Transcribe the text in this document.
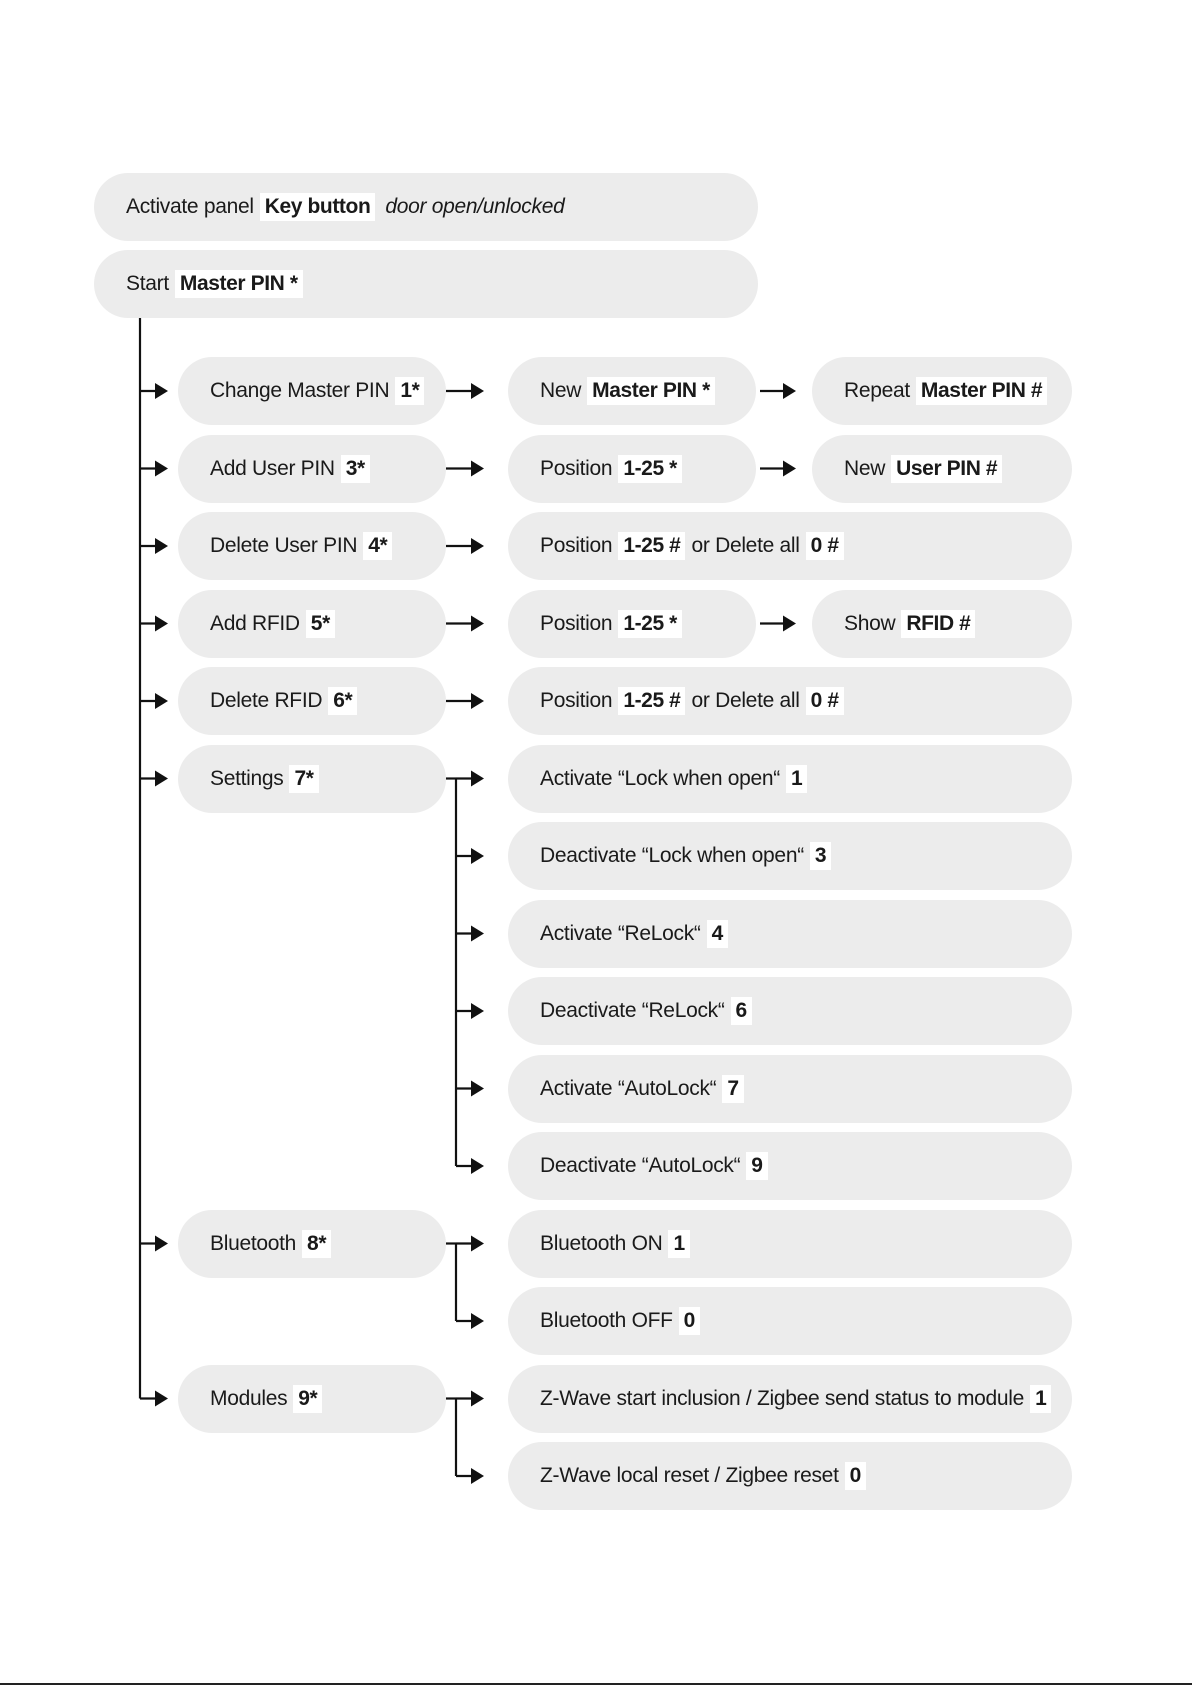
Activate panel Key button door open/unlocked
Start Master PIN *
Change Master PIN 1*	New Master PIN *	Repeat Master PIN #
Add User PIN 3*	Position 1-25 *	New User PIN #
Delete User PIN 4*	Position 1-25 # or Delete all 0 #
Add RFID 5*	Position 1-25 *	Show RFID #
Delete RFID 6*	Position 1-25 # or Delete all 0 #
Settings 7*	Activate “Lock when open“ 1
Deactivate “Lock when open“ 3
Activate “ReLock“ 4
Deactivate “ReLock“ 6
Activate “AutoLock“ 7
Deactivate “AutoLock“ 9
Bluetooth 8*	Bluetooth ON 1
Bluetooth OFF 0
Modules 9*	Z-Wave start inclusion / Zigbee send status to module 1
Z-Wave local reset / Zigbee reset 0
